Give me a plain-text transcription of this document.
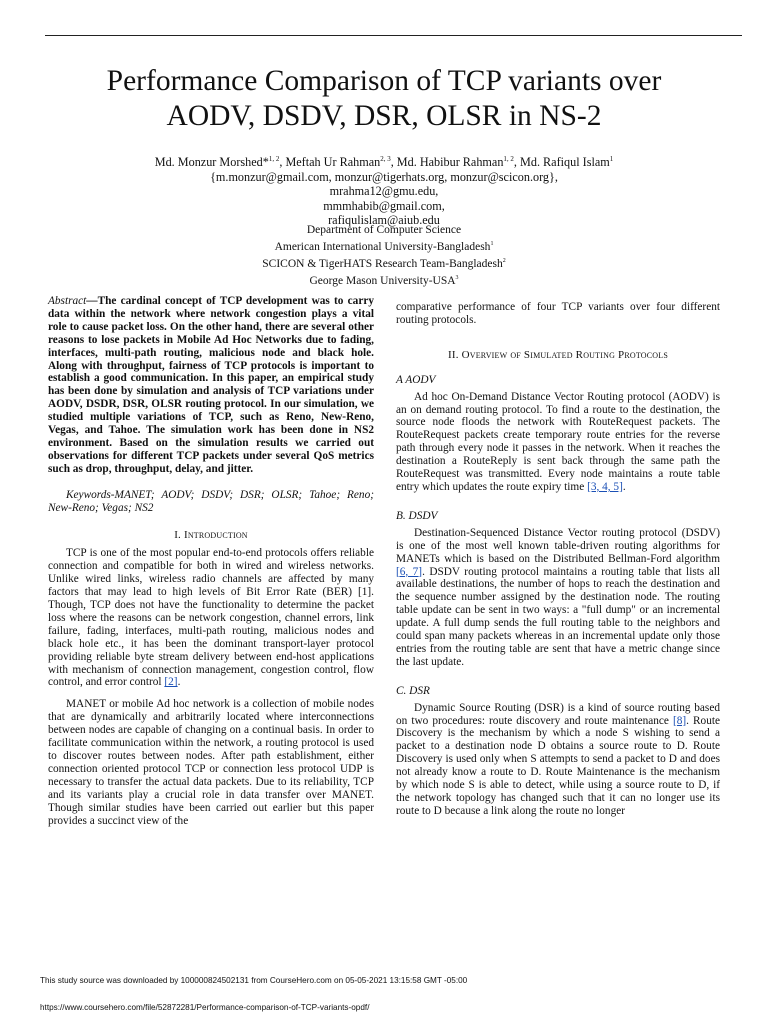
Performance Comparison of TCP variants over
AODV, DSDV, DSR, OLSR in NS-2
Md. Monzur Morshed*$^{1, 2}$, Meftah Ur Rahman$^{2, 3}$, Md. Habibur Rahman$^{1, 2}$, Md. Rafiqul Islam$^1$
{m.monzur@gmail.com, monzur@tigerhats.org, monzur@scicon.org},
mrahma12@gmu.edu,
mmmhabib@gmail.com,
rafiqulislam@aiub.edu
Department of Computer Science
American International University-Bangladesh$^1$
SCICON & TigerHATS Research Team-Bangladesh$^2$
George Mason University-USA$^3$

Abstract—The cardinal concept of TCP development was to carry data within the network where network congestion plays a vital role to cause packet loss. On the other hand, there are several other reasons to lose packets in Mobile Ad Hoc Networks due to fading, interfaces, multi-path routing, malicious node and black hole. Along with throughput, fairness of TCP protocols is important to establish a good communication. In this paper, an empirical study has been done by simulation and analysis of TCP variations under AODV, DSDR, DSR, OLSR routing protocol. In our simulation, we studied multiple variations of TCP, such as Reno, New-Reno, Vegas, and Tahoe. The simulation work has been done in NS2 environment. Based on the simulation results we carried out observations for different TCP packets under several QoS metrics such as drop, throughput, delay, and jitter.

Keywords-MANET; AODV; DSDV; DSR; OLSR; Tahoe; Reno; New-Reno; Vegas; NS2

I. Introduction

TCP is one of the most popular end-to-end protocols offers reliable connection and compatible for both in wired and wireless networks. Unlike wired links, wireless radio channels are affected by many factors that may lead to high levels of Bit Error Rate (BER) [1]. Though, TCP does not have the functionality to determine the packet loss where the reasons can be network congestion, channel errors, link failure, fading, interfaces, multi-path routing, malicious nodes and black hole etc., it has been the dominant transport-layer protocol providing reliable byte stream delivery between end-host applications with mechanism of connection management, congestion control, flow control, and error control [2].

MANET or mobile Ad hoc network is a collection of mobile nodes that are dynamically and arbitrarily located where interconnections between nodes are capable of changing on a continual basis. In order to facilitate communication within the network, a routing protocol is used to discover routes between nodes. After path establishment, either connection oriented protocol TCP or connection less protocol UDP is necessary to transfer the actual data packets. Due to its reliability, TCP and its variants play a crucial role in data transfer over MANET. Though similar studies have been carried out earlier but this paper provides a succinct view of the

comparative performance of four TCP variants over four different routing protocols.

II. Overview of Simulated Routing Protocols
A AODV

Ad hoc On-Demand Distance Vector Routing protocol (AODV) is an on demand routing protocol. To find a route to the destination, the source node floods the network with RouteRequest packets. The RouteRequest packets create temporary route entries for the reverse path through every node it passes in the network. When it reaches the destination a RouteReply is sent back through the same path the RouteRequest was transmitted. Every node maintains a route table entry which updates the route expiry time [3, 4, 5].

B. DSDV

Destination-Sequenced Distance Vector routing protocol (DSDV) is one of the most well known table-driven routing algorithms for MANETs which is based on the Distributed Bellman-Ford algorithm [6, 7]. DSDV routing protocol maintains a routing table that lists all available destinations, the number of hops to reach the destination and the sequence number assigned by the destination node. The routing table update can be sent in two ways: a "full dump" or an incremental update. A full dump sends the full routing table to the neighbors and could span many packets whereas in an incremental update only those entries from the routing table are sent that have a metric change since the last update.

C. DSR

Dynamic Source Routing (DSR) is a kind of source routing based on two procedures: route discovery and route maintenance [8]. Route Discovery is the mechanism by which a node S wishing to send a packet to a destination node D obtains a source route to D. Route Discovery is used only when S attempts to send a packet to D and does not already know a route to D. Route Maintenance is the mechanism by which node S is able to detect, while using a source route to D, if the network topology has changed such that it can no longer use its route to D because a link along the route no longer

This study source was downloaded by 100000824502131 from CourseHero.com on 05-05-2021 13:15:58 GMT -05:00
https://www.coursehero.com/file/52872281/Performance-comparison-of-TCP-variants-opdf/
